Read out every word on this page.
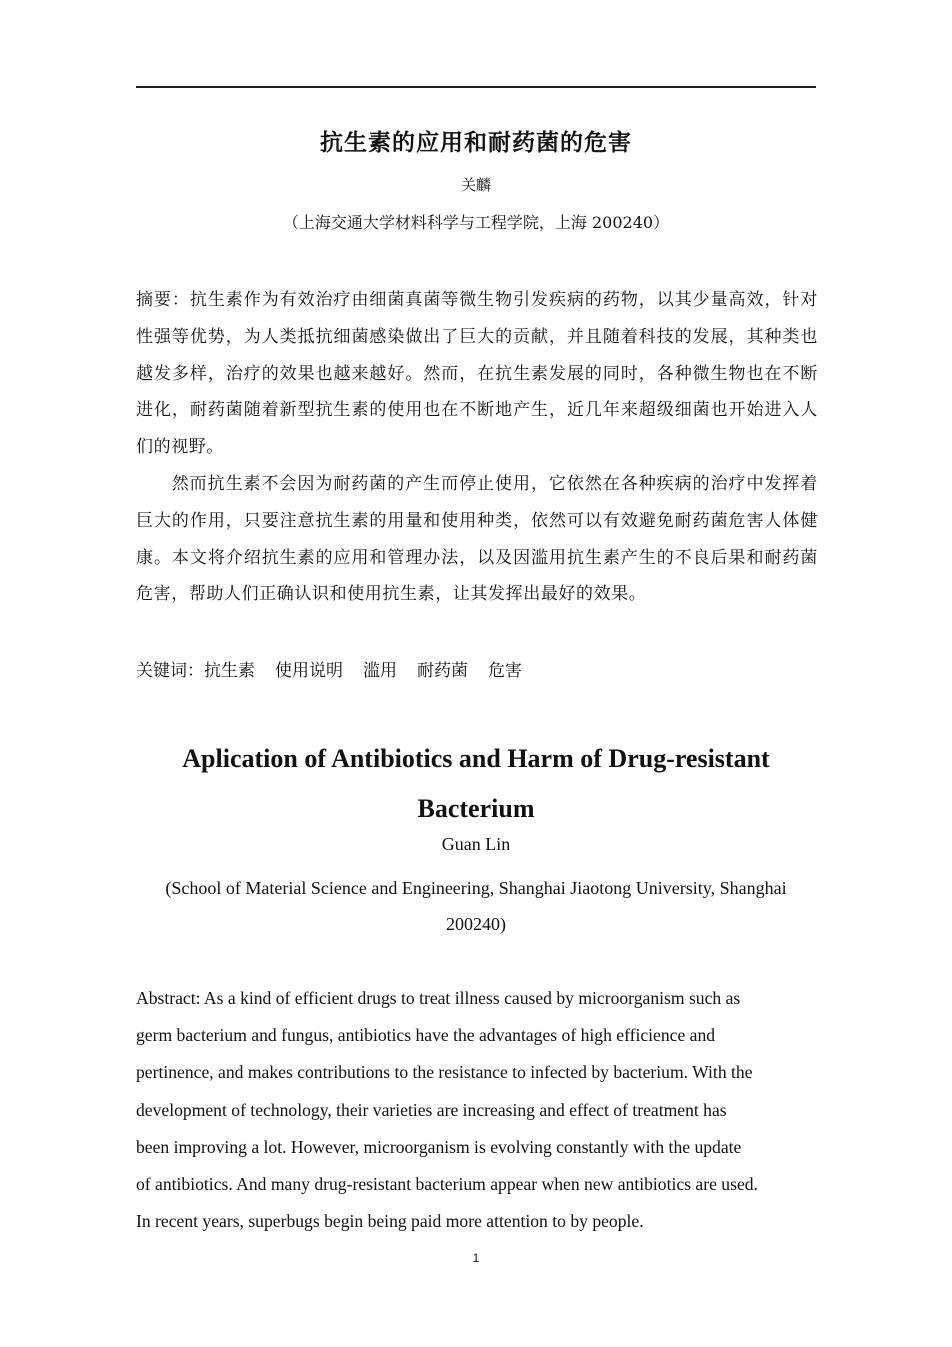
抗生素的应用和耐药菌的危害
关麟
（上海交通大学材料科学与工程学院，上海 200240）
摘要：抗生素作为有效治疗由细菌真菌等微生物引发疾病的药物，以其少量高效，针对性强等优势，为人类抵抗细菌感染做出了巨大的贡献，并且随着科技的发展，其种类也越发多样，治疗的效果也越来越好。然而，在抗生素发展的同时，各种微生物也在不断进化，耐药菌随着新型抗生素的使用也在不断地产生，近几年来超级细菌也开始进入人们的视野。
然而抗生素不会因为耐药菌的产生而停止使用，它依然在各种疾病的治疗中发挥着巨大的作用，只要注意抗生素的用量和使用种类，依然可以有效避免耐药菌危害人体健康。本文将介绍抗生素的应用和管理办法，以及因滥用抗生素产生的不良后果和耐药菌危害，帮助人们正确认识和使用抗生素，让其发挥出最好的效果。
关键词：抗生素 使用说明 滥用 耐药菌 危害
Aplication of Antibiotics and Harm of Drug-resistant
Bacterium
Guan Lin
(School of Material Science and Engineering, Shanghai Jiaotong University, Shanghai
200240)
Abstract: As a kind of efficient drugs to treat illness caused by microorganism such as
germ bacterium and fungus, antibiotics have the advantages of high efficience and
pertinence, and makes contributions to the resistance to infected by bacterium. With the
development of technology, their varieties are increasing and effect of treatment has
been improving a lot. However, microorganism is evolving constantly with the update
of antibiotics. And many drug-resistant bacterium appear when new antibiotics are used.
In recent years, superbugs begin being paid more attention to by people.
1
